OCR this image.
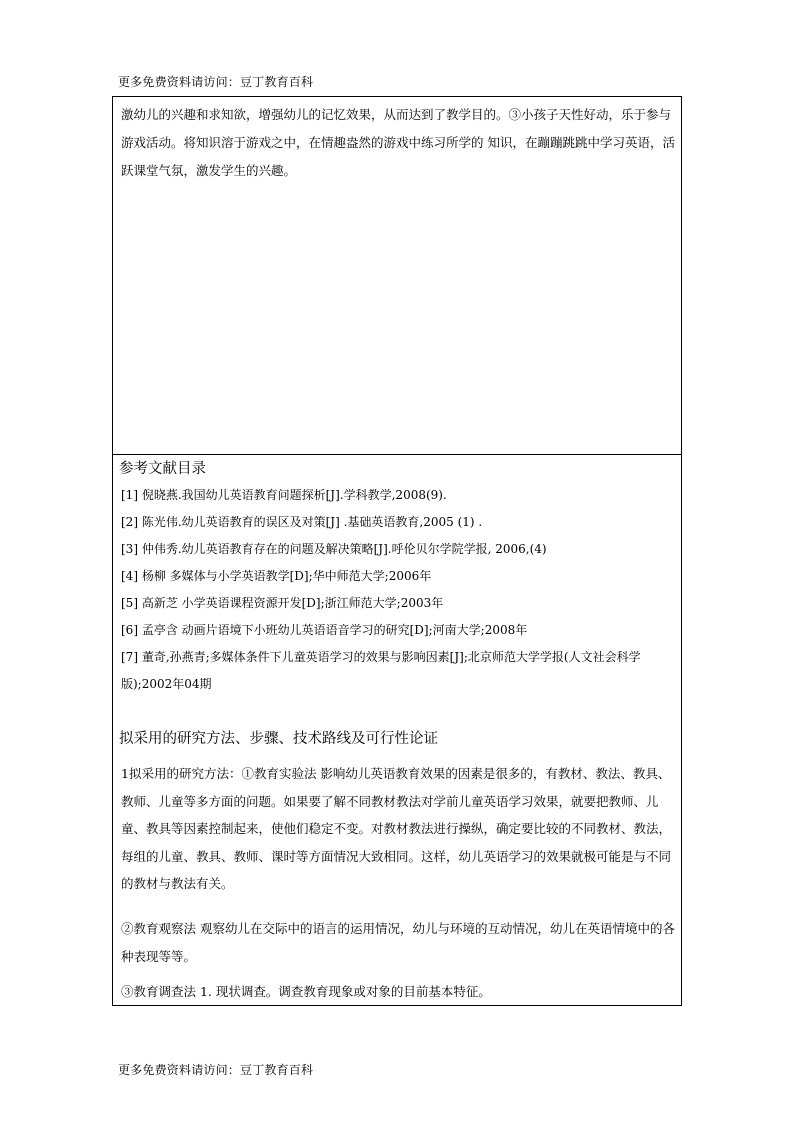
更多免费资料请访问：豆丁教育百科

激幼儿的兴趣和求知欲，增强幼儿的记忆效果，从而达到了教学目的。③小孩子天性好动，乐于参与游戏活动。将知识溶于游戏之中，在情趣盎然的游戏中练习所学的 知识，在蹦蹦跳跳中学习英语，活跃课堂气氛，激发学生的兴趣。

参考文献目录
[1] 倪晓燕.我国幼儿英语教育问题探析[J].学科教学,2008(9).
[2] 陈光伟.幼儿英语教育的误区及对策[J] .基础英语教育,2005 (1) .
[3] 仲伟秀.幼儿英语教育存在的问题及解决策略[J].呼伦贝尔学院学报, 2006,(4)
[4] 杨柳 多媒体与小学英语教学[D];华中师范大学;2006年
[5] 高新芝 小学英语课程资源开发[D];浙江师范大学;2003年
[6] 孟亭含 动画片语境下小班幼儿英语语音学习的研究[D];河南大学;2008年
[7] 董奇,孙燕青;多媒体条件下儿童英语学习的效果与影响因素[J];北京师范大学学报(人文社会科学版);2002年04期
拟采用的研究方法、步骤、技术路线及可行性论证

1拟采用的研究方法：①教育实验法 影响幼儿英语教育效果的因素是很多的，有教材、教法、教具、教师、儿童等多方面的问题。如果要了解不同教材教法对学前儿童英语学习效果，就要把教师、儿童、教具等因素控制起来，使他们稳定不变。对教材教法进行操纵，确定要比较的不同教材、教法，每组的儿童、教具、教师、课时等方面情况大致相同。这样，幼儿英语学习的效果就极可能是与不同的教材与教法有关。

②教育观察法 观察幼儿在交际中的语言的运用情况，幼儿与环境的互动情况，幼儿在英语情境中的各种表现等等。

③教育调查法 1. 现状调查。调查教育现象或对象的目前基本特征。

更多免费资料请访问：豆丁教育百科
